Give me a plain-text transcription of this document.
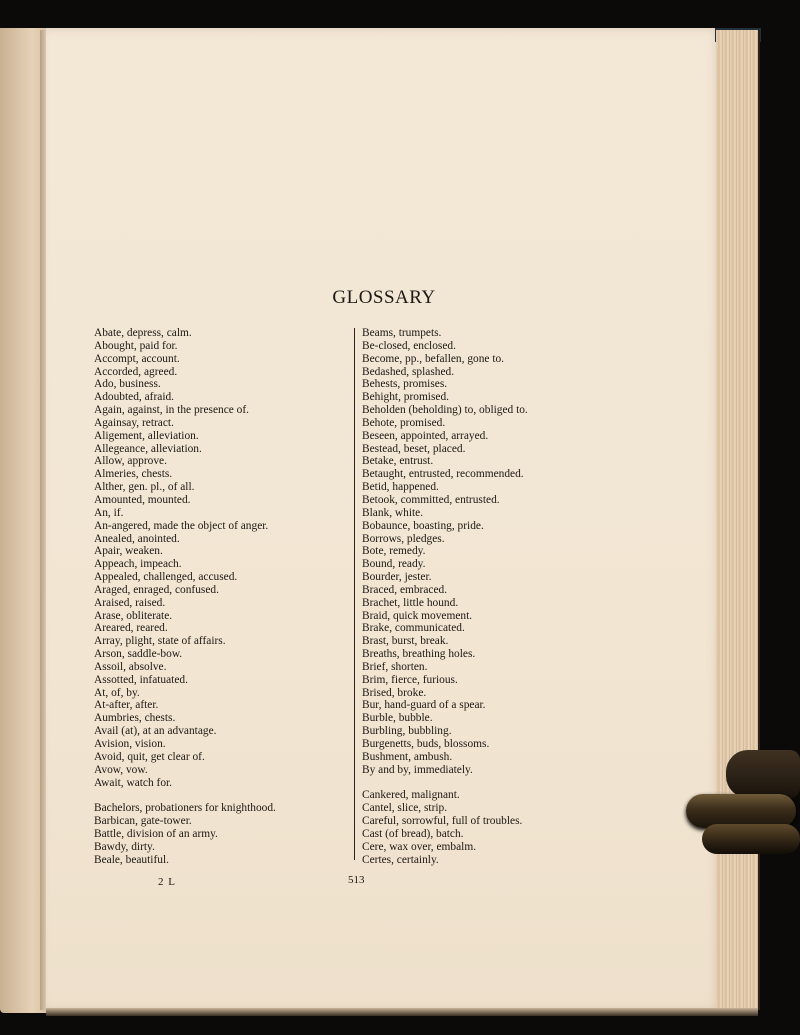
GLOSSARY
Abate, depress, calm.
Abought, paid for.
Accompt, account.
Accorded, agreed.
Ado, business.
Adoubted, afraid.
Again, against, in the presence of.
Againsay, retract.
Aligement, alleviation.
Allegeance, alleviation.
Allow, approve.
Almeries, chests.
Alther, gen. pl., of all.
Amounted, mounted.
An, if.
An-angered, made the object of anger.
Anealed, anointed.
Apair, weaken.
Appeach, impeach.
Appealed, challenged, accused.
Araged, enraged, confused.
Araised, raised.
Arase, obliterate.
Areared, reared.
Array, plight, state of affairs.
Arson, saddle-bow.
Assoil, absolve.
Assotted, infatuated.
At, of, by.
At-after, after.
Aumbries, chests.
Avail (at), at an advantage.
Avision, vision.
Avoid, quit, get clear of.
Avow, vow.
Await, watch for.
Bachelors, probationers for knighthood.
Barbican, gate-tower.
Battle, division of an army.
Bawdy, dirty.
Beale, beautiful.
Beams, trumpets.
Be-closed, enclosed.
Become, pp., befallen, gone to.
Bedashed, splashed.
Behests, promises.
Behight, promised.
Beholden (beholding) to, obliged to.
Behote, promised.
Beseen, appointed, arrayed.
Bestead, beset, placed.
Betake, entrust.
Betaught, entrusted, recommended.
Betid, happened.
Betook, committed, entrusted.
Blank, white.
Bobaunce, boasting, pride.
Borrows, pledges.
Bote, remedy.
Bound, ready.
Bourder, jester.
Braced, embraced.
Brachet, little hound.
Braid, quick movement.
Brake, communicated.
Brast, burst, break.
Breaths, breathing holes.
Brief, shorten.
Brim, fierce, furious.
Brised, broke.
Bur, hand-guard of a spear.
Burble, bubble.
Burbling, bubbling.
Burgenetts, buds, blossoms.
Bushment, ambush.
By and by, immediately.
Cankered, malignant.
Cantel, slice, strip.
Careful, sorrowful, full of troubles.
Cast (of bread), batch.
Cere, wax over, embalm.
Certes, certainly.
2 L	513
